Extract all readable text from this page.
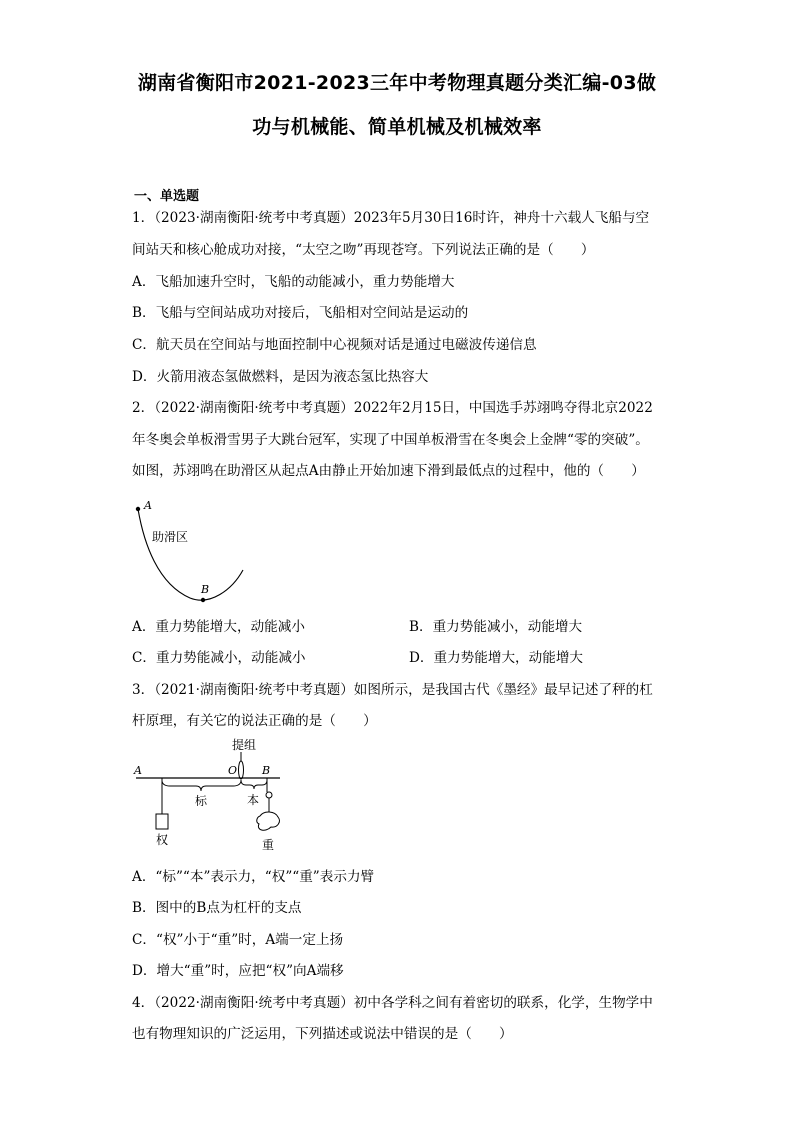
湖南省衡阳市2021-2023三年中考物理真题分类汇编-03做
功与机械能、简单机械及机械效率
一、单选题
1．（2023·湖南衡阳·统考中考真题）2023年5月30日16时许，神舟十六载人飞船与空
间站天和核心舱成功对接，“太空之吻”再现苍穹。下列说法正确的是（　　）
A．飞船加速升空时，飞船的动能减小，重力势能增大
B．飞船与空间站成功对接后，飞船相对空间站是运动的
C．航天员在空间站与地面控制中心视频对话是通过电磁波传递信息
D．火箭用液态氢做燃料，是因为液态氢比热容大
2．（2022·湖南衡阳·统考中考真题）2022年2月15日，中国选手苏翊鸣夺得北京2022
年冬奥会单板滑雪男子大跳台冠军，实现了中国单板滑雪在冬奥会上金牌“零的突破”。
如图，苏翊鸣在助滑区从起点A由静止开始加速下滑到最低点的过程中，他的（　　）
A
B
助滑区
A．重力势能增大，动能减小	B．重力势能减小，动能增大
C．重力势能减小，动能减小	D．重力势能增大，动能增大
3．（2021·湖南衡阳·统考中考真题）如图所示，是我国古代《墨经》最早记述了秤的杠
杆原理，有关它的说法正确的是（　　）
提组
A	O B
标	本
权	重
A．“标”“本”表示力，“权”“重”表示力臂
B．图中的B点为杠杆的支点
C．“权”小于“重”时，A端一定上扬
D．增大“重”时，应把“权”向A端移
4．（2022·湖南衡阳·统考中考真题）初中各学科之间有着密切的联系，化学，生物学中
也有物理知识的广泛运用，下列描述或说法中错误的是（　　）
